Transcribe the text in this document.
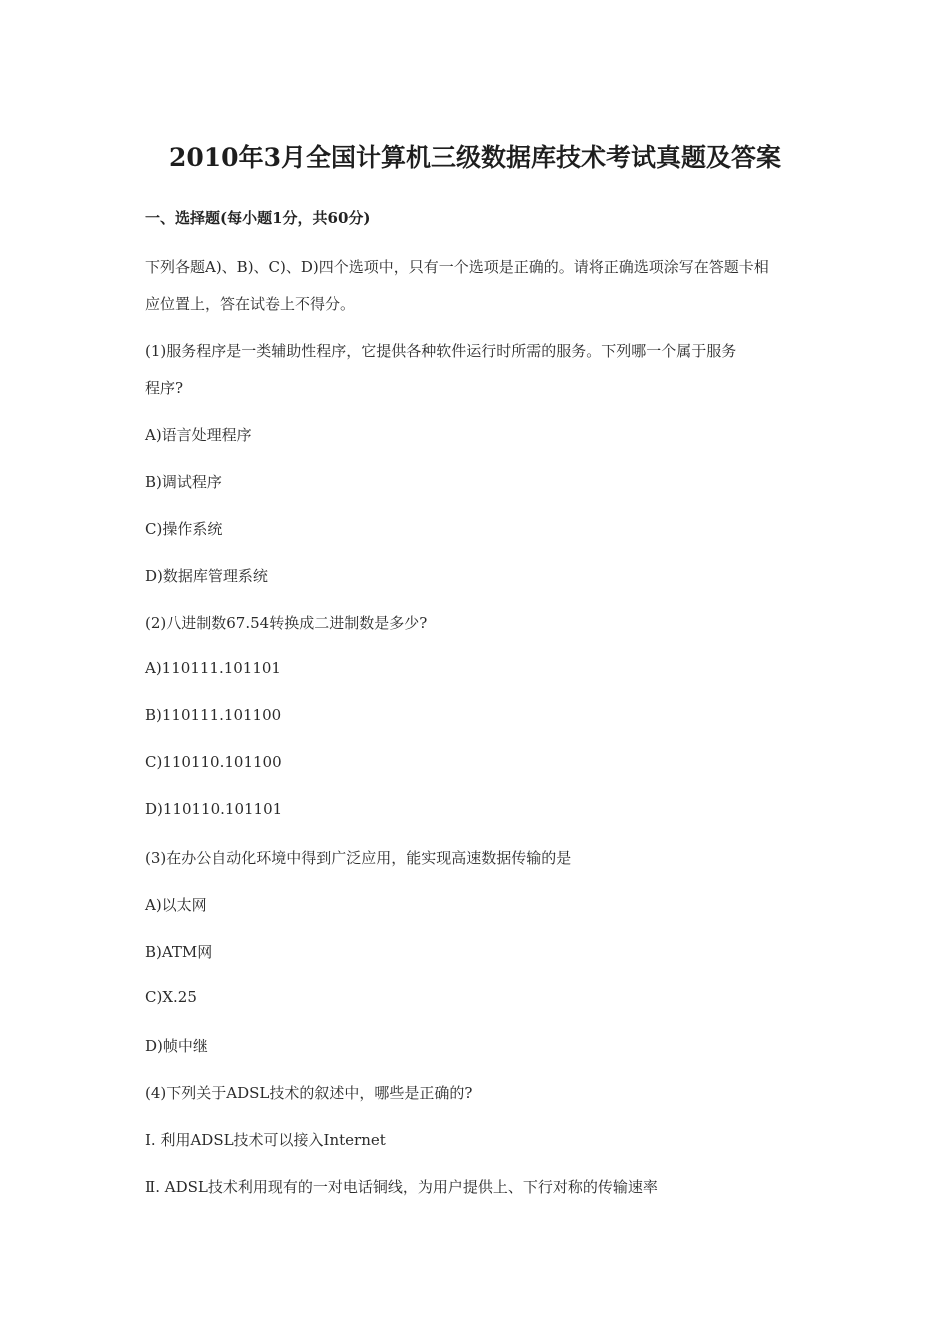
2010年3月全国计算机三级数据库技术考试真题及答案
一、选择题(每小题1分，共60分)
下列各题A)、B)、C)、D)四个选项中，只有一个选项是正确的。请将正确选项涂写在答题卡相
应位置上，答在试卷上不得分。
(1)服务程序是一类辅助性程序，它提供各种软件运行时所需的服务。下列哪一个属于服务
程序?
A)语言处理程序
B)调试程序
C)操作系统
D)数据库管理系统
(2)八进制数67.54转换成二进制数是多少?
A)110111.101101
B)110111.101100
C)110110.101100
D)110110.101101
(3)在办公自动化环境中得到广泛应用，能实现高速数据传输的是
A)以太网
B)ATM网
C)X.25
D)帧中继
(4)下列关于ADSL技术的叙述中，哪些是正确的?
Ⅰ. 利用ADSL技术可以接入Internet
Ⅱ. ADSL技术利用现有的一对电话铜线，为用户提供上、下行对称的传输速率
